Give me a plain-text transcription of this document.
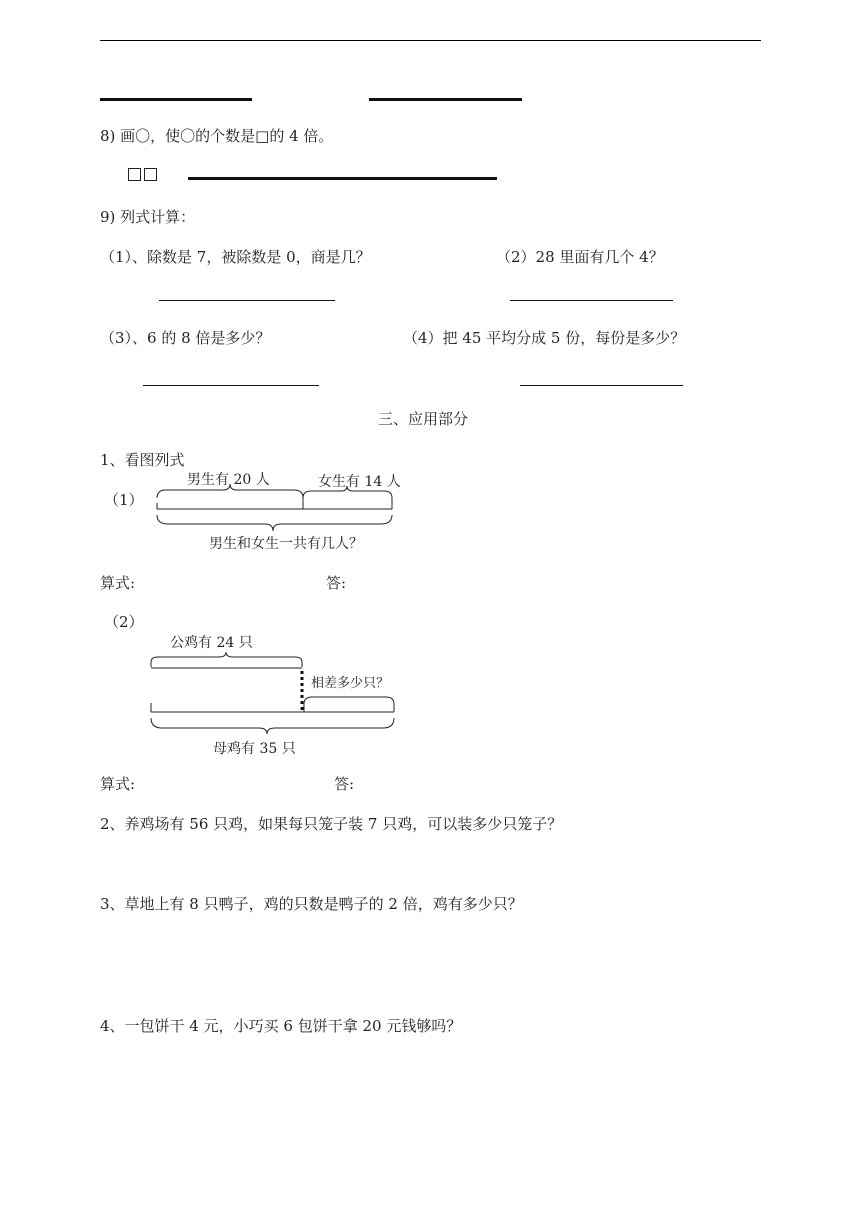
8) 画〇，使〇的个数是□的 4 倍。
9) 列式计算：
（1）、除数是 7，被除数是 0，商是几？	（2）28 里面有几个 4？
（3）、6 的 8 倍是多少？	（4）把 45 平均分成 5 份，每份是多少？
三、应用部分
1、看图列式
（1）
男生有 20 人	女生有 14 人
男生和女生一共有几人？
算式:	答:
（2）
公鸡有 24 只
相差多少只？
母鸡有 35 只
算式:	答:
2、养鸡场有 56 只鸡，如果每只笼子装 7 只鸡，可以装多少只笼子？
3、草地上有 8 只鸭子，鸡的只数是鸭子的 2 倍，鸡有多少只？
4、一包饼干 4 元，小巧买 6 包饼干拿 20 元钱够吗？
